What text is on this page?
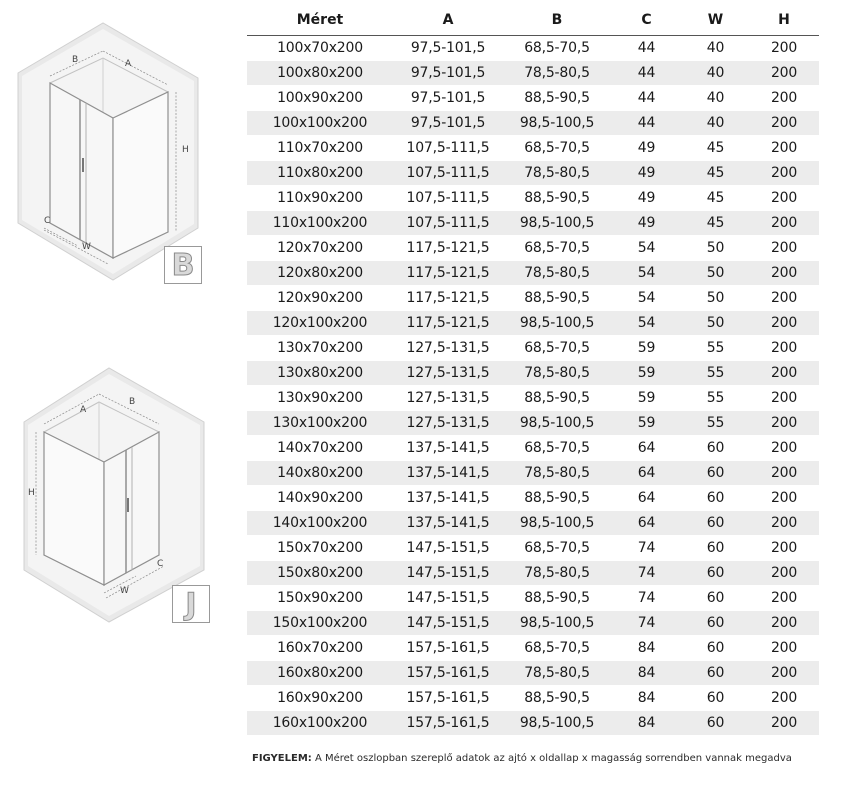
B	A
H
C
W
B
A
B
H
C
W	J
Méret	A	B	C	W	H
100x70x200	97,5-101,5	68,5-70,5	44	40	200
100x80x200	97,5-101,5	78,5-80,5	44	40	200
100x90x200	97,5-101,5	88,5-90,5	44	40	200
100x100x200	97,5-101,5	98,5-100,5	44	40	200
110x70x200	107,5-111,5	68,5-70,5	49	45	200
110x80x200	107,5-111,5	78,5-80,5	49	45	200
110x90x200	107,5-111,5	88,5-90,5	49	45	200
110x100x200	107,5-111,5	98,5-100,5	49	45	200
120x70x200	117,5-121,5	68,5-70,5	54	50	200
120x80x200	117,5-121,5	78,5-80,5	54	50	200
120x90x200	117,5-121,5	88,5-90,5	54	50	200
120x100x200	117,5-121,5	98,5-100,5	54	50	200
130x70x200	127,5-131,5	68,5-70,5	59	55	200
130x80x200	127,5-131,5	78,5-80,5	59	55	200
130x90x200	127,5-131,5	88,5-90,5	59	55	200
130x100x200	127,5-131,5	98,5-100,5	59	55	200
140x70x200	137,5-141,5	68,5-70,5	64	60	200
140x80x200	137,5-141,5	78,5-80,5	64	60	200
140x90x200	137,5-141,5	88,5-90,5	64	60	200
140x100x200	137,5-141,5	98,5-100,5	64	60	200
150x70x200	147,5-151,5	68,5-70,5	74	60	200
150x80x200	147,5-151,5	78,5-80,5	74	60	200
150x90x200	147,5-151,5	88,5-90,5	74	60	200
150x100x200	147,5-151,5	98,5-100,5	74	60	200
160x70x200	157,5-161,5	68,5-70,5	84	60	200
160x80x200	157,5-161,5	78,5-80,5	84	60	200
160x90x200	157,5-161,5	88,5-90,5	84	60	200
160x100x200	157,5-161,5	98,5-100,5	84	60	200
FIGYELEM: A Méret oszlopban szereplő adatok az ajtó x oldallap x magasság sorrendben vannak megadva
